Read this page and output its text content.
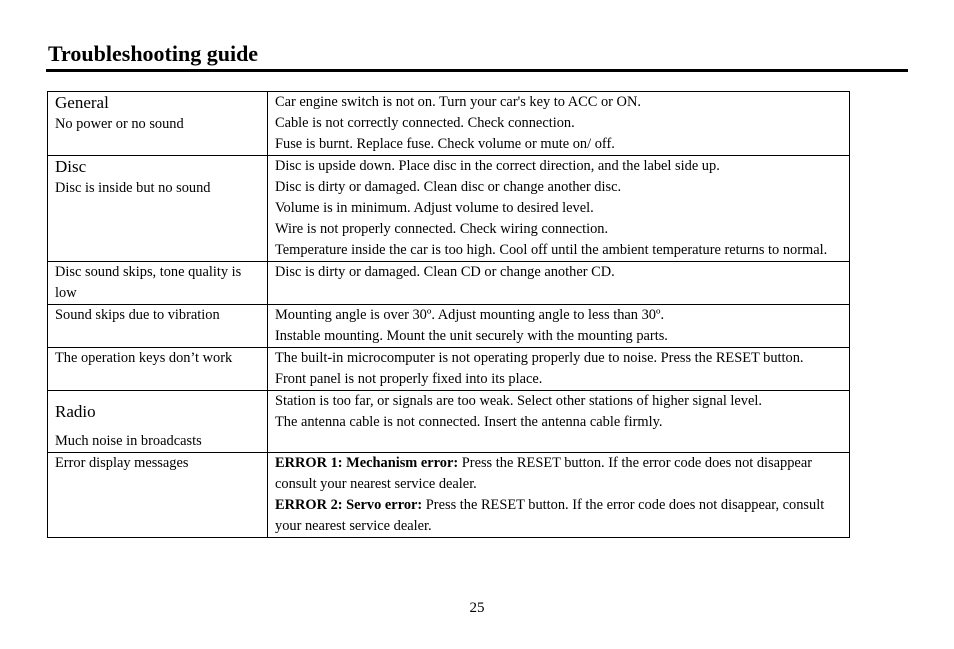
Troubleshooting guide
General
No power or no sound	Car engine switch is not on. Turn your car's key to ACC or ON.
Cable is not correctly connected. Check connection.
Fuse is burnt. Replace fuse. Check volume or mute on/ off.

Disc
Disc is inside but no sound	Disc is upside down. Place disc in the correct direction, and the label side up.
Disc is dirty or damaged. Clean disc or change another disc.
Volume is in minimum. Adjust volume to desired level.
Wire is not properly connected. Check wiring connection.
Temperature inside the car is too high. Cool off until the ambient temperature returns to normal.

Disc sound skips, tone quality is low	Disc is dirty or damaged. Clean CD or change another CD.

Sound skips due to vibration	Mounting angle is over 30º. Adjust mounting angle to less than 30º.
Instable mounting. Mount the unit securely with the mounting parts.

The operation keys don’t work	The built-in microcomputer is not operating properly due to noise. Press the RESET button.
Front panel is not properly fixed into its place.

Radio
Much noise in broadcasts	Station is too far, or signals are too weak. Select other stations of higher signal level.
The antenna cable is not connected. Insert the antenna cable firmly.

Error display messages	ERROR 1: Mechanism error: Press the RESET button. If the error code does not disappear consult your nearest service dealer.
ERROR 2: Servo error: Press the RESET button. If the error code does not disappear, consult your nearest service dealer.
25
